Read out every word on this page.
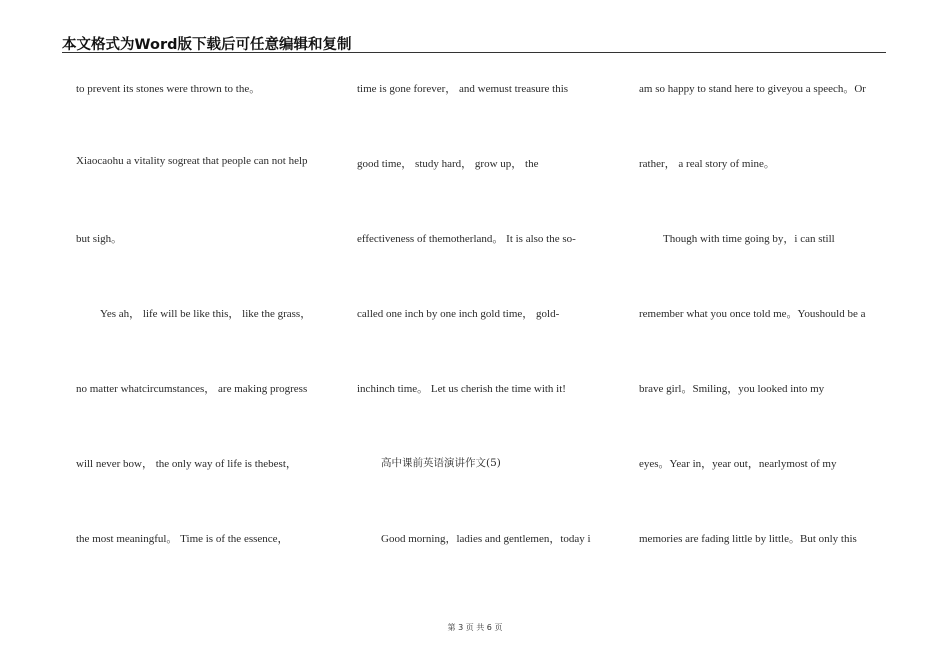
本文格式为Word版下载后可任意编辑和复制
to prevent its stones were thrown to the。
Xiaocaohu a vitality sogreat that people can not help
but sigh。
Yes ah， life will be like this， like the grass，
no matter whatcircumstances， are making progress
will never bow， the only way of life is thebest，
the most meaningful。 Time is of the essence，
time is gone forever， and wemust treasure this
good time， study hard， grow up， the
effectiveness of themotherland。 It is also the so-
called one inch by one inch gold time， gold-
inchinch time。 Let us cherish the time with it!
高中课前英语演讲作文(5)
Good morning，ladies and gentlemen，today i
am so happy to stand here to giveyou a speech。Or
rather， a real story of mine。
Though with time going by，i can still
remember what you once told me。Youshould be a
brave girl。Smiling，you looked into my
eyes。Year in，year out，nearlymost of my
memories are fading little by little。But only this
第 3 页 共 6 页
